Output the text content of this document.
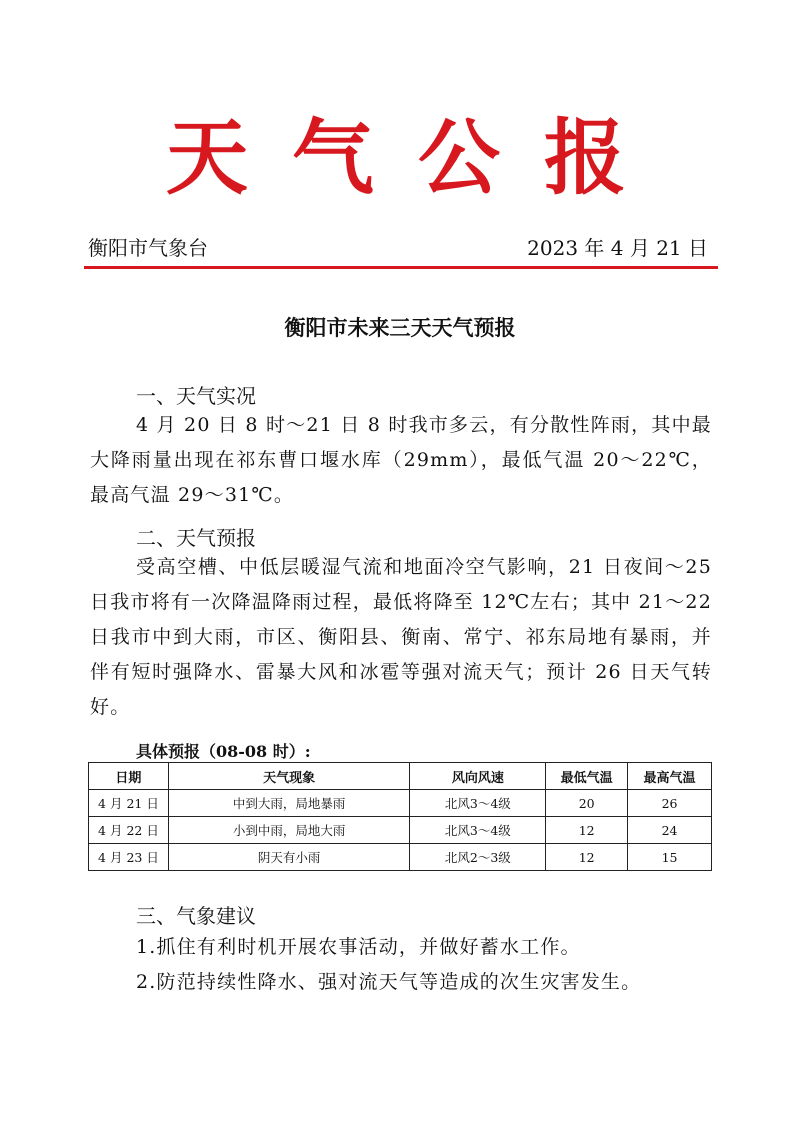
天气公报
衡阳市气象台	2023 年 4 月 21 日
衡阳市未来三天天气预报
一、天气实况
4 月 20 日 8 时～21 日 8 时我市多云，有分散性阵雨，其中最大降雨量出现在祁东曹口堰水库（29mm），最低气温 20～22℃，最高气温 29～31℃。
二、天气预报
受高空槽、中低层暖湿气流和地面冷空气影响，21 日夜间～25 日我市将有一次降温降雨过程，最低将降至 12℃左右；其中 21～22 日我市中到大雨，市区、衡阳县、衡南、常宁、祁东局地有暴雨，并伴有短时强降水、雷暴大风和冰雹等强对流天气；预计 26 日天气转好。
具体预报（08-08 时）:
日期	天气现象	风向风速	最低气温	最高气温
4 月 21 日	中到大雨，局地暴雨	北风3～4级	20	26
4 月 22 日	小到中雨，局地大雨	北风3～4级	12	24
4 月 23 日	阴天有小雨	北风2～3级	12	15
三、气象建议
1.抓住有利时机开展农事活动，并做好蓄水工作。
2.防范持续性降水、强对流天气等造成的次生灾害发生。
